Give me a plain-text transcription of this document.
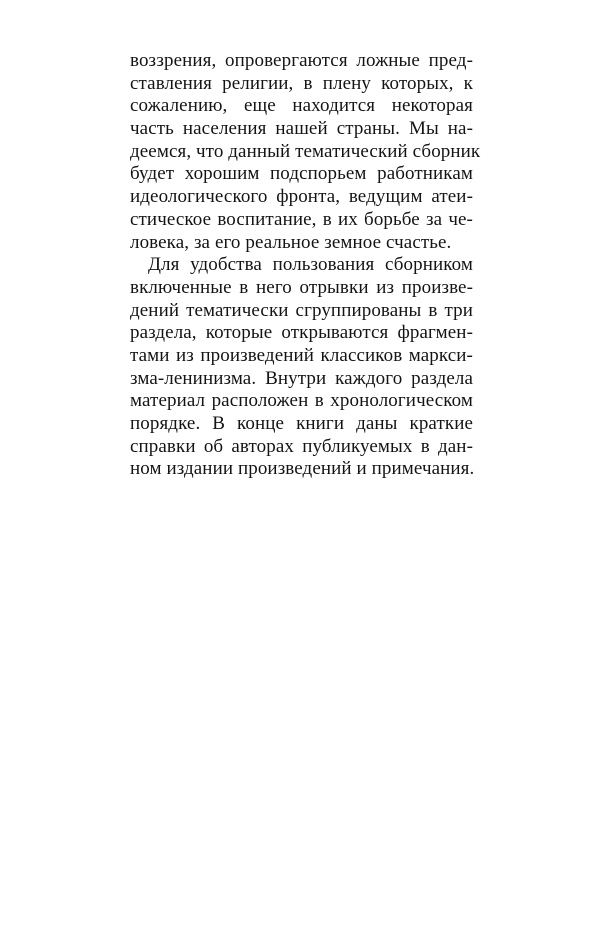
воззрения, опровергаются ложные пред-
ставления религии, в плену которых, к
сожалению, еще находится некоторая
часть населения нашей страны. Мы на-
деемся, что данный тематический сборник
будет хорошим подспорьем работникам
идеологического фронта, ведущим атеи-
стическое воспитание, в их борьбе за че-
ловека, за его реальное земное счастье.
Для удобства пользования сборником
включенные в него отрывки из произве-
дений тематически сгруппированы в три
раздела, которые открываются фрагмен-
тами из произведений классиков маркси-
зма-ленинизма. Внутри каждого раздела
материал расположен в хронологическом
порядке. В конце книги даны краткие
справки об авторах публикуемых в дан-
ном издании произведений и примечания.
